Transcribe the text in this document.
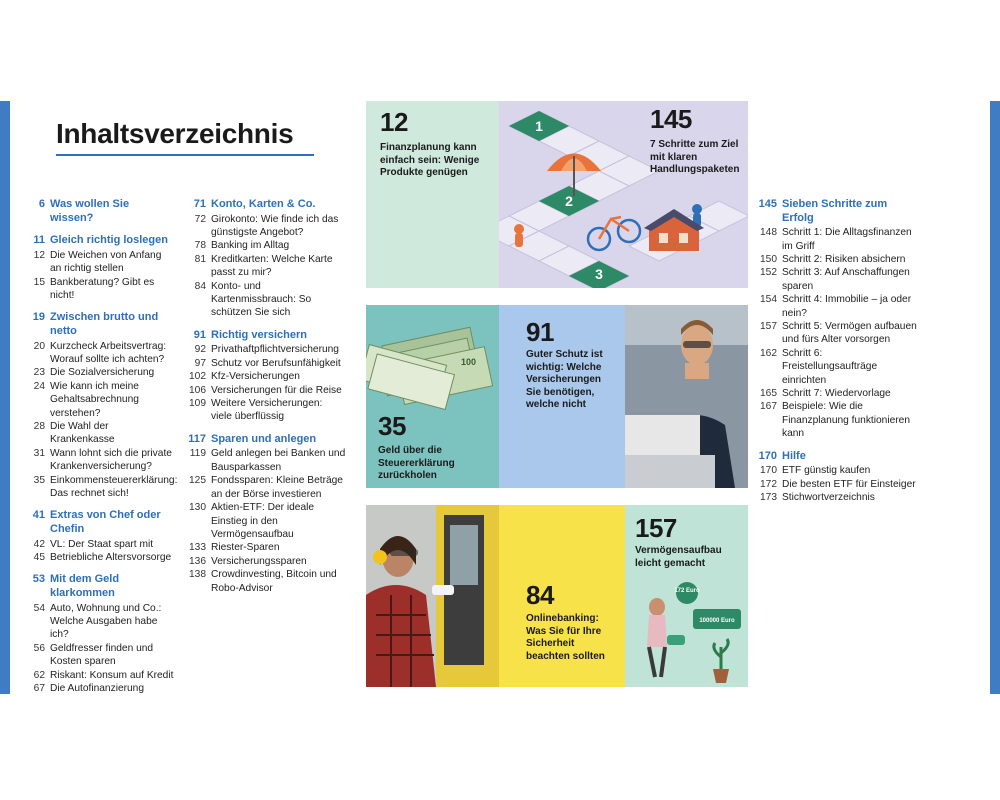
Inhaltsverzeichnis
6 Was wollen Sie wissen?
11 Gleich richtig loslegen
12 Die Weichen von Anfang an richtig stellen
15 Bankberatung? Gibt es nicht!
19 Zwischen brutto und netto
20 Kurzcheck Arbeitsvertrag: Worauf sollte ich achten?
23 Die Sozialversicherung
24 Wie kann ich meine Gehaltsabrechnung verstehen?
28 Die Wahl der Krankenkasse
31 Wann lohnt sich die private Krankenversicherung?
35 Einkommensteuererklärung: Das rechnet sich!
41 Extras von Chef oder Chefin
42 VL: Der Staat spart mit
45 Betriebliche Altersvorsorge
53 Mit dem Geld klarkommen
54 Auto, Wohnung und Co.: Welche Ausgaben habe ich?
56 Geldfresser finden und Kosten sparen
62 Riskant: Konsum auf Kredit
67 Die Autofinanzierung
71 Konto, Karten & Co.
72 Girokonto: Wie finde ich das günstigste Angebot?
78 Banking im Alltag
81 Kreditkarten: Welche Karte passt zu mir?
84 Konto- und Kartenmissbrauch: So schützen Sie sich
91 Richtig versichern
92 Privathaftpflichtversicherung
97 Schutz vor Berufsunfähigkeit
102 Kfz-Versicherungen
106 Versicherungen für die Reise
109 Weitere Versicherungen: viele überflüssig
117 Sparen und anlegen
119 Geld anlegen bei Banken und Bausparkassen
125 Fondssparen: Kleine Beträge an der Börse investieren
130 Aktien-ETF: Der ideale Einstieg in den Vermögensaufbau
133 Riester-Sparen
136 Versicherungssparen
138 Crowdinvesting, Bitcoin und Robo-Advisor
145 Sieben Schritte zum Erfolg
148 Schritt 1: Die Alltagsfinanzen im Griff
150 Schritt 2: Risiken absichern
152 Schritt 3: Auf Anschaffungen sparen
154 Schritt 4: Immobilie – ja oder nein?
157 Schritt 5: Vermögen aufbauen und fürs Alter vorsorgen
162 Schritt 6: Freistellungsaufträge einrichten
165 Schritt 7: Wiedervorlage
167 Beispiele: Wie die Finanzplanung funktionieren kann
170 Hilfe
170 ETF günstig kaufen
172 Die besten ETF für Einsteiger
173 Stichwortverzeichnis
12
Finanzplanung kann einfach sein: Wenige Produkte genügen
1
2
3
145
7 Schritte zum Ziel mit klaren Handlungspaketen
100
35
Geld über die Steuererklärung zurückholen
91
Guter Schutz ist wichtig: Welche Versicherungen Sie benötigen, welche nicht
84
Onlinebanking: Was Sie für Ihre Sicherheit beachten sollten
157
Vermögensaufbau leicht gemacht
172 Euro
100000 Euro
